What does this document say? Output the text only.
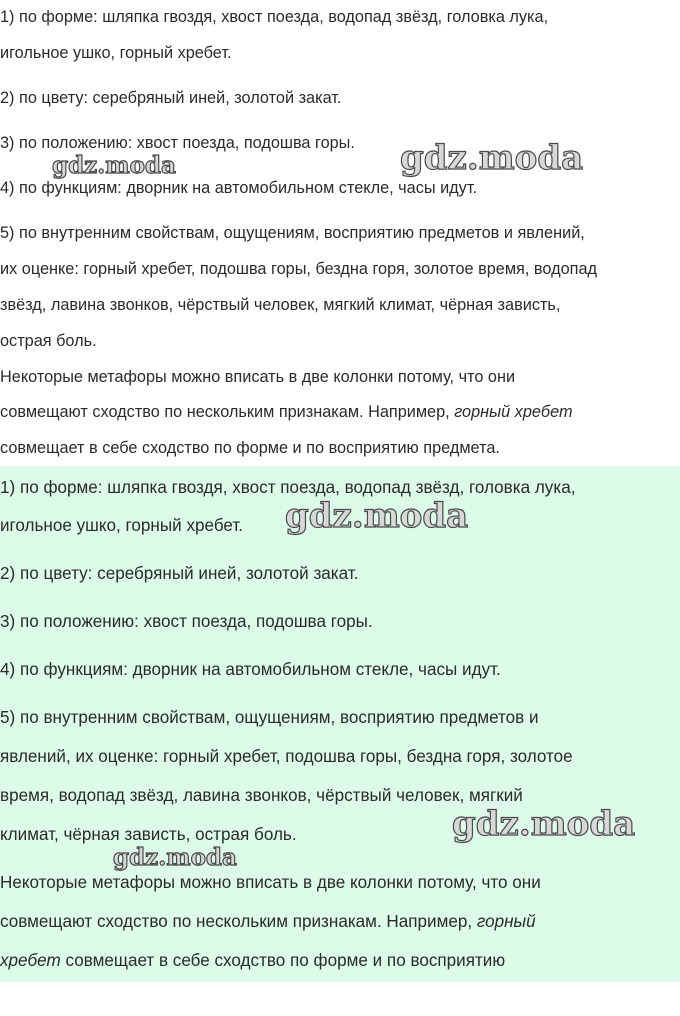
1) по форме: шляпка гвоздя, хвост поезда, водопад звёзд, головка лука,

игольное ушко, горный хребет.

2) по цвету: серебряный иней, золотой закат.

3) по положению: хвост поезда, подошва горы.

4) по функциям: дворник на автомобильном стекле, часы идут.

5) по внутренним свойствам, ощущениям, восприятию предметов и явлений,

их оценке: горный хребет, подошва горы, бездна горя, золотое время, водопад

звёзд, лавина звонков, чёрствый человек, мягкий климат, чёрная зависть,

острая боль.

Некоторые метафоры можно вписать в две колонки потому, что они

совмещают сходство по нескольким признакам. Например, горный хребет

совмещает в себе сходство по форме и по восприятию предмета.

gdz.moda	gdz.moda

1) по форме: шляпка гвоздя, хвост поезда, водопад звёзд, головка лука,

игольное ушко, горный хребет.

2) по цвету: серебряный иней, золотой закат.

3) по положению: хвост поезда, подошва горы.

4) по функциям: дворник на автомобильном стекле, часы идут.

5) по внутренним свойствам, ощущениям, восприятию предметов и

явлений, их оценке: горный хребет, подошва горы, бездна горя, золотое

время, водопад звёзд, лавина звонков, чёрствый человек, мягкий

климат, чёрная зависть, острая боль.

Некоторые метафоры можно вписать в две колонки потому, что они

совмещают сходство по нескольким признакам. Например, горный

хребет совмещает в себе сходство по форме и по восприятию

gdz.moda

gdz.moda

gdz.moda
